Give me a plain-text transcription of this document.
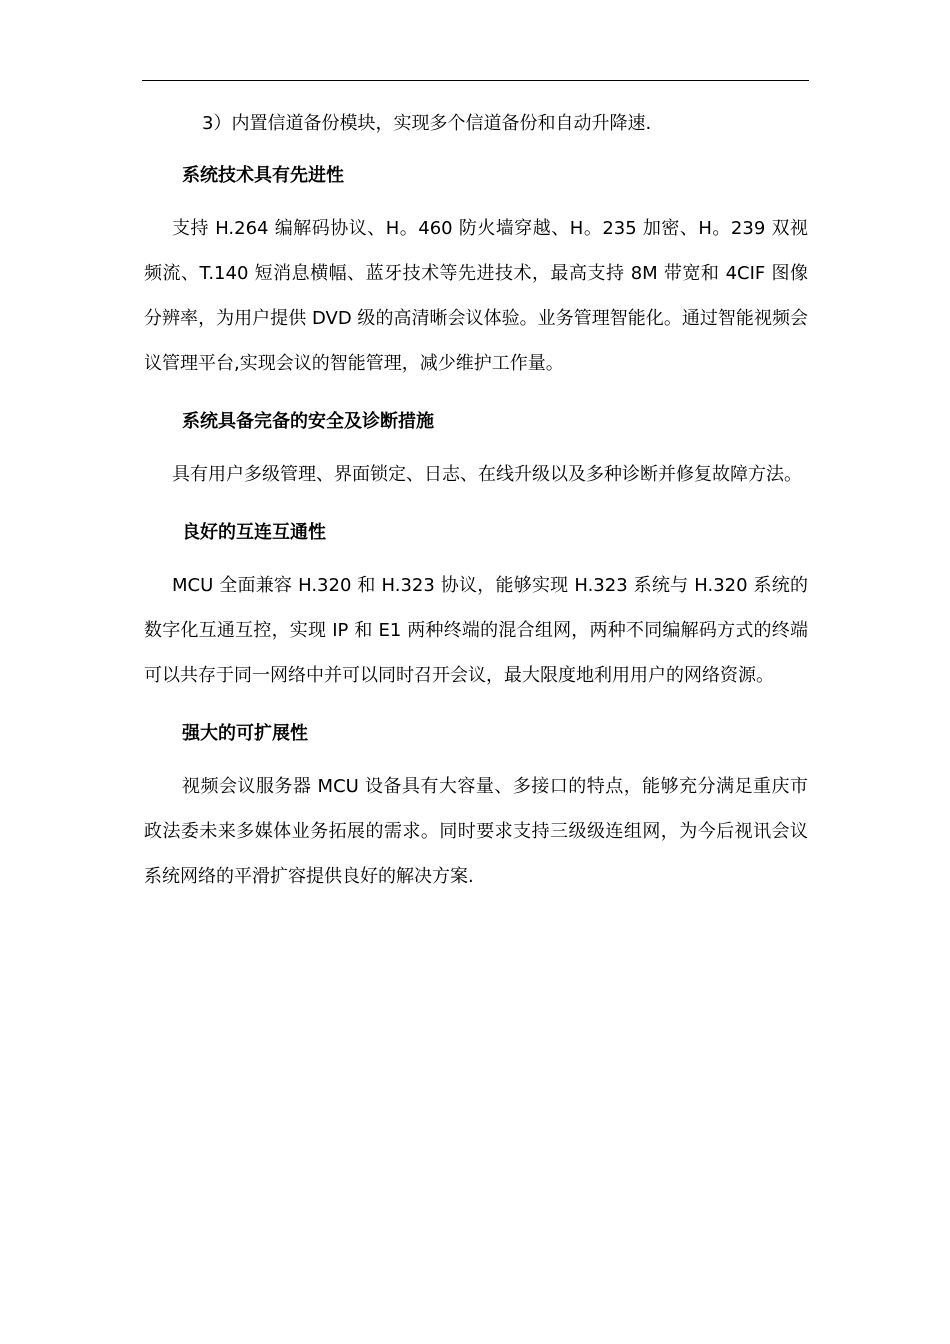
3）内置信道备份模块，实现多个信道备份和自动升降速.
系统技术具有先进性
支持 H.264 编解码协议、H。460 防火墙穿越、H。235 加密、H。239 双视频流、T.140 短消息横幅、蓝牙技术等先进技术，最高支持 8M 带宽和 4CIF 图像分辨率，为用户提供 DVD 级的高清晰会议体验。业务管理智能化。通过智能视频会议管理平台,实现会议的智能管理，减少维护工作量。
系统具备完备的安全及诊断措施
具有用户多级管理、界面锁定、日志、在线升级以及多种诊断并修复故障方法。
良好的互连互通性
MCU 全面兼容 H.320 和 H.323 协议，能够实现 H.323 系统与 H.320 系统的数字化互通互控，实现 IP 和 E1 两种终端的混合组网，两种不同编解码方式的终端可以共存于同一网络中并可以同时召开会议，最大限度地利用用户的网络资源。
强大的可扩展性
视频会议服务器 MCU 设备具有大容量、多接口的特点，能够充分满足重庆市政法委未来多媒体业务拓展的需求。同时要求支持三级级连组网，为今后视讯会议系统网络的平滑扩容提供良好的解决方案.
